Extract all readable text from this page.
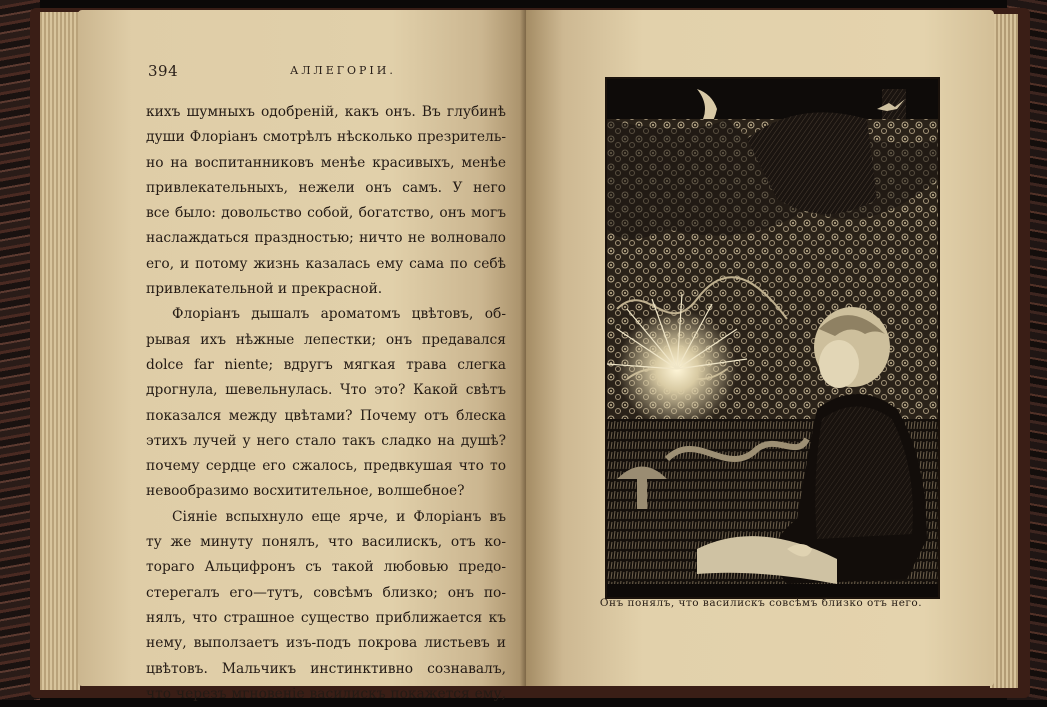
394	АЛЛЕГОРІИ.
кихъ шумныхъ одобреній, какъ онъ. Въ глубинѣ
души Флоріанъ смотрѣлъ нѣсколько презритель-
но на воспитанниковъ менѣе красивыхъ, менѣе
привлекательныхъ, нежели онъ самъ. У него
все было: довольство собой, богатство, онъ могъ
наслаждаться праздностью; ничто не волновало
его, и потому жизнь казалась ему сама по себѣ
привлекательной и прекрасной.
Флоріанъ дышалъ ароматомъ цвѣтовъ, об-
рывая ихъ нѣжные лепестки; онъ предавался
dolce far niente; вдругъ мягкая трава слегка
дрогнула, шевельнулась. Что это? Какой свѣтъ
показался между цвѣтами? Почему отъ блеска
этихъ лучей у него стало такъ сладко на душѣ?
почему сердце его сжалось, предвкушая что то
невообразимо восхитительное, волшебное?
Сіяніе вспыхнуло еще ярче, и Флоріанъ въ
ту же минуту понялъ, что василискъ, отъ ко-
тораго Альцифронъ съ такой любовью предо-
стерегалъ его—тутъ, совсѣмъ близко; онъ по-
нялъ, что страшное существо приближается къ
нему, выползаетъ изъ-подъ покрова листьевъ и
цвѣтовъ. Мальчикъ инстинктивно сознавалъ,
что черезъ мгновеніе василискъ покажется ему,
Онъ понялъ, что василискъ совсѣмъ близко отъ него.
